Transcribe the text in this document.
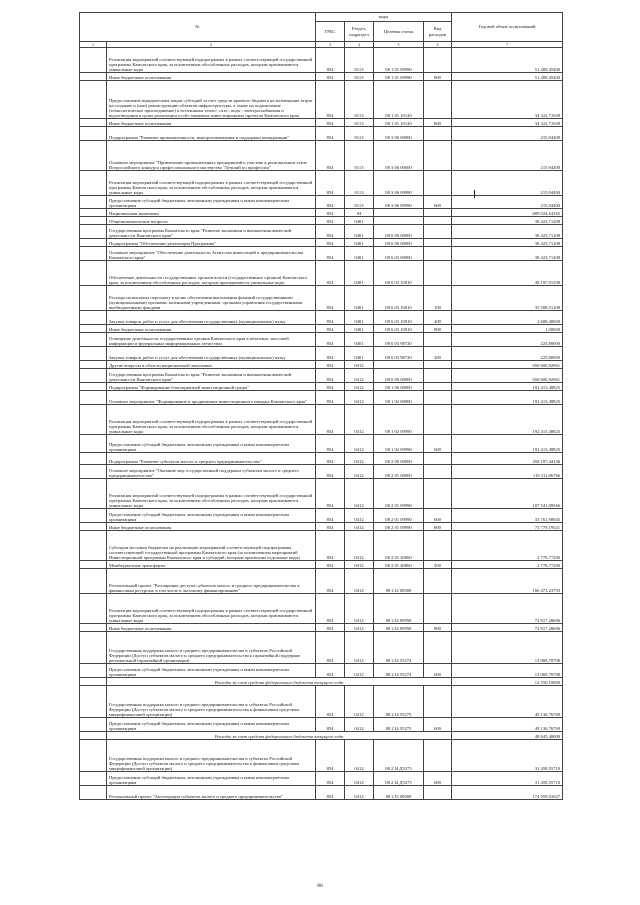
№		коды				Годовой объем ассигнований
		ГРБС	Раздел, подраздел	Целевая статья	Вид расходов	
1	2	3	4	5	6	7
	Реализация мероприятий соответствующей подпрограммы в рамках соответствующей государственной программы Камчатского края, за исключением обособленных расходов, которым присваиваются уникальные коды	854	0113	08 1 01 09990		51 409,45400
	Иные бюджетные ассигнования	854	0113	08 1 01 09990	800	51 409,45400
	Предоставление юридическим лицам субсидий за счет средств краевого бюджета на возмещение затрат на создание и (или) реконструкцию объектов инфраструктуры, а также на подключение (технологическое присоединение) к источникам тепло-, газо-, водо-, электроснабжения и водоотведения в целях реализации особо значимых инвестиционных проектов Камчатского края	854	0113	08 1 01 10120		34 322,71658
	Иные бюджетные ассигнования	854	0113	08 1 01 10120	800	34 322,71658
	Подпрограмма "Развитие промышленности, импортозамещения и поддержки конкуренции"	854	0113	08 3 00 00000		215,94400
	Основное мероприятие "Привлечение промышленных предприятий к участию в региональном этапе Всероссийского конкурса профессионального мастерства "Лучший по профессии"	854	0113	08 3 06 00000		215,94400
	Реализация мероприятий соответствующей подпрограммы в рамках соответствующей государственной программы Камчатского края, за исключением обособленных расходов, которым присваиваются уникальные коды	854	0113	08 3 06 09990		215,94400
	Предоставление субсидий бюджетным, автономным учреждениям и иным некоммерческим организациям	854	0113	08 3 06 09990	600	215,94400
	Национальная экономика	854	04			689 024,64165
	Общеэкономические вопросы	854	0401			38 423,71208
	Государственная программа Камчатского края "Развитие экономики и внешнеэкономической деятельности Камчатского края"	854	0401	08 0 00 00000		38 423,71208
	Подпрограмма "Обеспечение реализации Программы"	854	0401	08 6 00 00000		38 423,71208
	Основное мероприятие "Обеспечение деятельности Агентства инвестиций и предпринимательства Камчатского края"	854	0401	08 6 03 00000		38 423,71208
	Обеспечение деятельности государственных органов власти (государственных органов) Камчатского края, за исключением обособленных расходов, которым присваиваются уникальные коды	854	0401	08 6 03 10010		38 197,91208
	Расходы на выплаты персоналу в целях обеспечения выполнения функций государственными (муниципальными) органами, казенными учреждениями, органами управления государственными внебюджетными фондами	854	0401	08 6 03 10010	100	35 588,51208
	Закупка товаров, работ и услуг для обеспечения государственных (муниципальных) нужд	854	0401	08 6 03 10010	200	2 608,40000
	Иные бюджетные ассигнования	854	0401	08 6 03 10010	800	1,00000
	Освещение деятельности государственных органов Камчатского края в печатных, массовой информации и федеральных информационных агентствах	854	0401	08 6 03 98720		225,80000
	Закупка товаров, работ и услуг для обеспечения государственных (муниципальных) нужд	854	0401	08 6 03 98720	200	225,80000
	Другие вопросы в области национальной экономики	854	0412			650 600,92961
	Государственная программа Камчатского края "Развитие экономики и внешнеэкономической деятельности Камчатского края"	854	0412	08 0 00 00000		650 600,92961
	Подпрограмма "Формирование благоприятной инвестиционной среды"	854	0412	08 1 00 00000		192 413,48825
	Основное мероприятие "Формирование и продвижение инвестиционного имиджа Камчатского края"	854	0412	08 1 02 00000		192 413,48825
	Реализация мероприятий соответствующей подпрограммы в рамках соответствующей государственной программы Камчатского края, за исключением обособленных расходов, которым присваиваются уникальные коды	854	0412	08 1 02 09990		192 413,48825
	Предоставление субсидий бюджетным, автономным учреждениям и иным некоммерческим организациям	854	0412	08 1 02 09990	600	192 413,48825
	Подпрограмма "Развитие субъектов малого и среднего предпринимательства"	854	0412	08 2 00 00000		458 187,44136
	Основное мероприятие "Оказание мер государственной поддержки субъектам малого и среднего предпринимательства"	854	0412	08 2 01 00000		110 311,86766
	Реализация мероприятий соответствующей подпрограммы в рамках соответствующей государственной программы Камчатского края, за исключением обособленных расходов, которым присваиваются уникальные коды	854	0412	08 2 01 09990		107 541,09566
	Предоставление субсидий бюджетным, автономным учреждениям и иным некоммерческим организациям	854	0412	08 2 01 09990	600	33 761,90045
	Иные бюджетные ассигнования	854	0412	08 2 01 09990	800	73 779,19521
	Субсидии местным бюджетам на реализацию мероприятий соответствующей подпрограммы соответствующей государственной программы Камчатского края (за исключением мероприятий Инвестиционной программы Камчатского края и субсидий, которым присвоены отдельные коды)	854	0412	08 2 01 40060		2 770,77200
	Межбюджетные трансферты	854	0412	08 2 01 40060	500	2 770,77200
	Региональный проект "Расширение доступа субъектов малого и среднего предпринимательства к финансовым ресурсам, в том числе к льготному финансированию"	854	0412	08 2 I4 00000		166 473,23793
	Реализация мероприятий соответствующей подпрограммы в рамках соответствующей государственной программы Камчатского края, за исключением обособленных расходов, которым присваиваются уникальные коды	854	0412	08 2 I4 09990		72 817,20606
	Иные бюджетные ассигнования	854	0412	08 2 I4 09990	800	72 817,20606
	Государственная поддержка малого и среднего предпринимательства в субъектах Российской Федерации (Доступ субъектов малого и среднего предпринимательства к гарантийной поддержке региональной гарантийной организации)	854	0412	08 2 I4 55274		13 069,70708
	Предоставление субсидий бюджетным, автономным учреждениям и иным некоммерческим организациям	854	0412	08 2 I4 55274	600	13 069,70708
	Расходы за счет средств федерального бюджета текущего года					12 550,10000
	Государственная поддержка малого и среднего предпринимательства в субъектах Российской Федерации (Доступ субъектов малого и среднего предпринимательства к финансовым средствам микрофинансовой организации)	854	0412	08 2 I4 55275		49 136,76769
	Предоставление субсидий бюджетным, автономным учреждениям и иным некоммерческим организациям	854	0412	08 2 I4 55275	600	49 136,76769
	Расходы за счет средств федерального бюджета текущего года					48 645,40000
	Государственная поддержка малого и среднего предпринимательства в субъектах Российской Федерации (Доступ субъектов малого и среднего предпринимательства к финансовым средствам микрофинансовой организации)	854	0412	08 2 I4 Д5275		31 458,55710
	Предоставление субсидий бюджетным, автономным учреждениям и иным некоммерческим организациям	854	0412	08 2 I4 Д5275	600	31 458,55710
	Региональный проект "Акселерация субъектов малого и среднего предпринимательства"	854	0412	08 2 I5 00000		174 059,01627
86
